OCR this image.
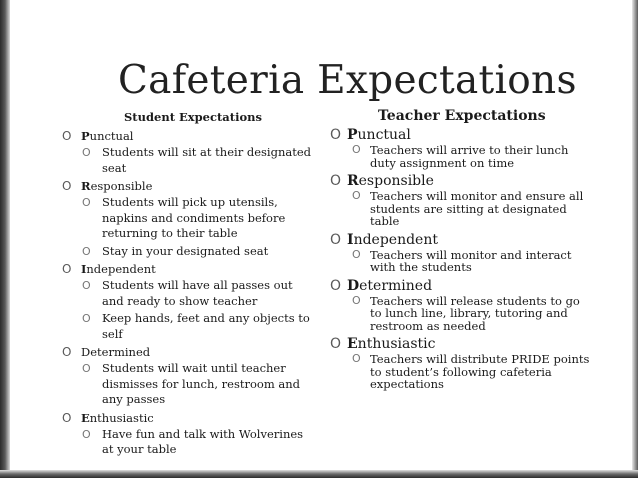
Cafeteria Expectations
Student Expectations
O Punctual
O Students will sit at their designated seat
O Responsible
O Students will pick up utensils, napkins and condiments before returning to their table
O Stay in your designated seat
O Independent
O Students will have all passes out and ready to show teacher
O Keep hands, feet and any objects to self
O Determined
O Students will wait until teacher dismisses for lunch, restroom and any passes
O Enthusiastic
O Have fun and talk with Wolverines at your table
Teacher Expectations
O Punctual
O Teachers will arrive to their lunch duty assignment on time
O Responsible
O Teachers will monitor and ensure all students are sitting at designated table
O Independent
O Teachers will monitor and interact with the students
O Determined
O Teachers will release students to go to lunch line, library, tutoring and restroom as needed
O Enthusiastic
O Teachers will distribute PRIDE points to student’s following cafeteria expectations
